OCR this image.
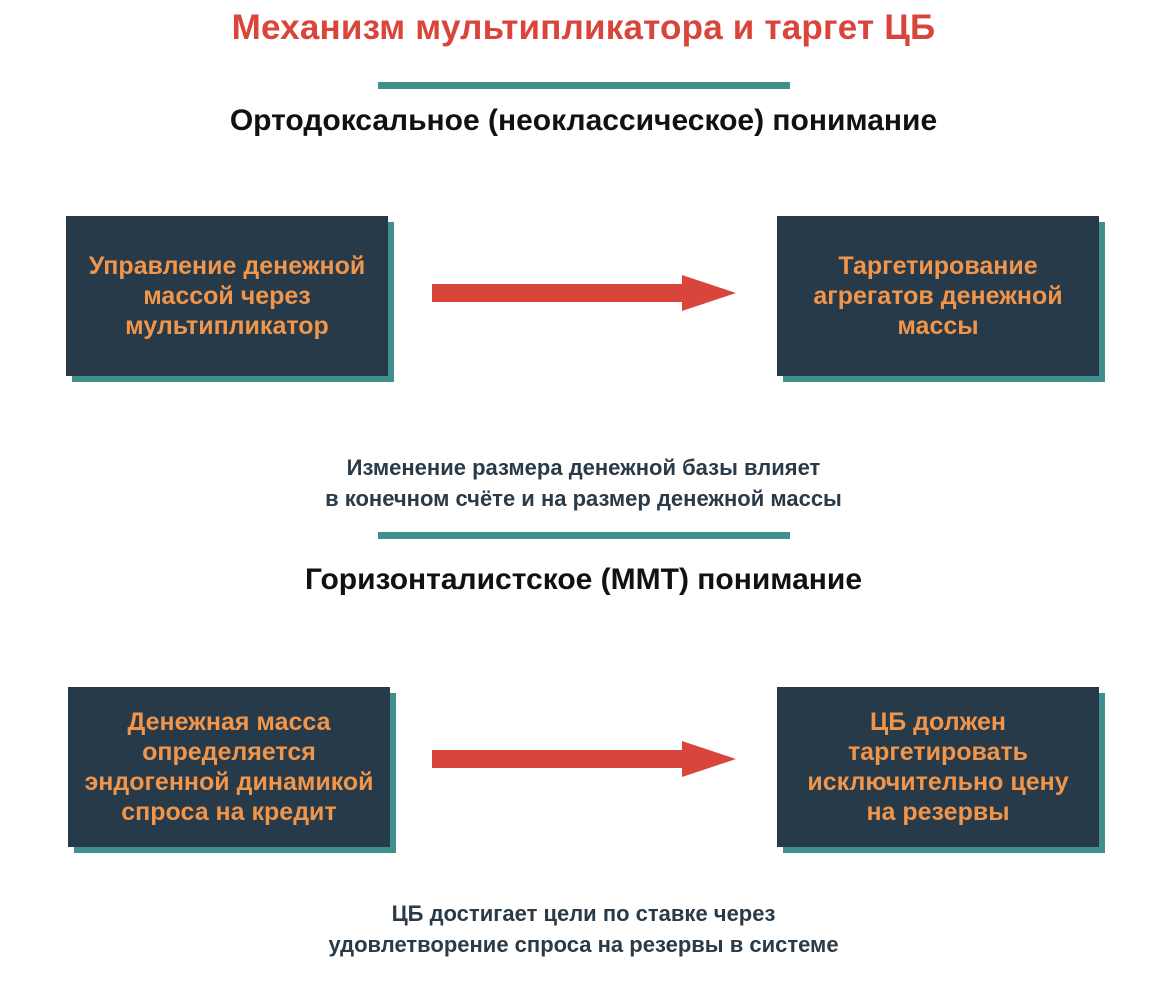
Механизм мультипликатора и таргет ЦБ
Ортодоксальное (неоклассическое) понимание
Управление денежной
массой через
мультипликатор
Таргетирование
агрегатов денежной
массы
Изменение размера денежной базы влияет
в конечном счёте и на размер денежной массы
Горизонталистское (ММТ) понимание
Денежная масса
определяется
эндогенной динамикой
спроса на кредит
ЦБ должен
таргетировать
исключительно цену
на резервы
ЦБ достигает цели по ставке через
удовлетворение спроса на резервы в системе
